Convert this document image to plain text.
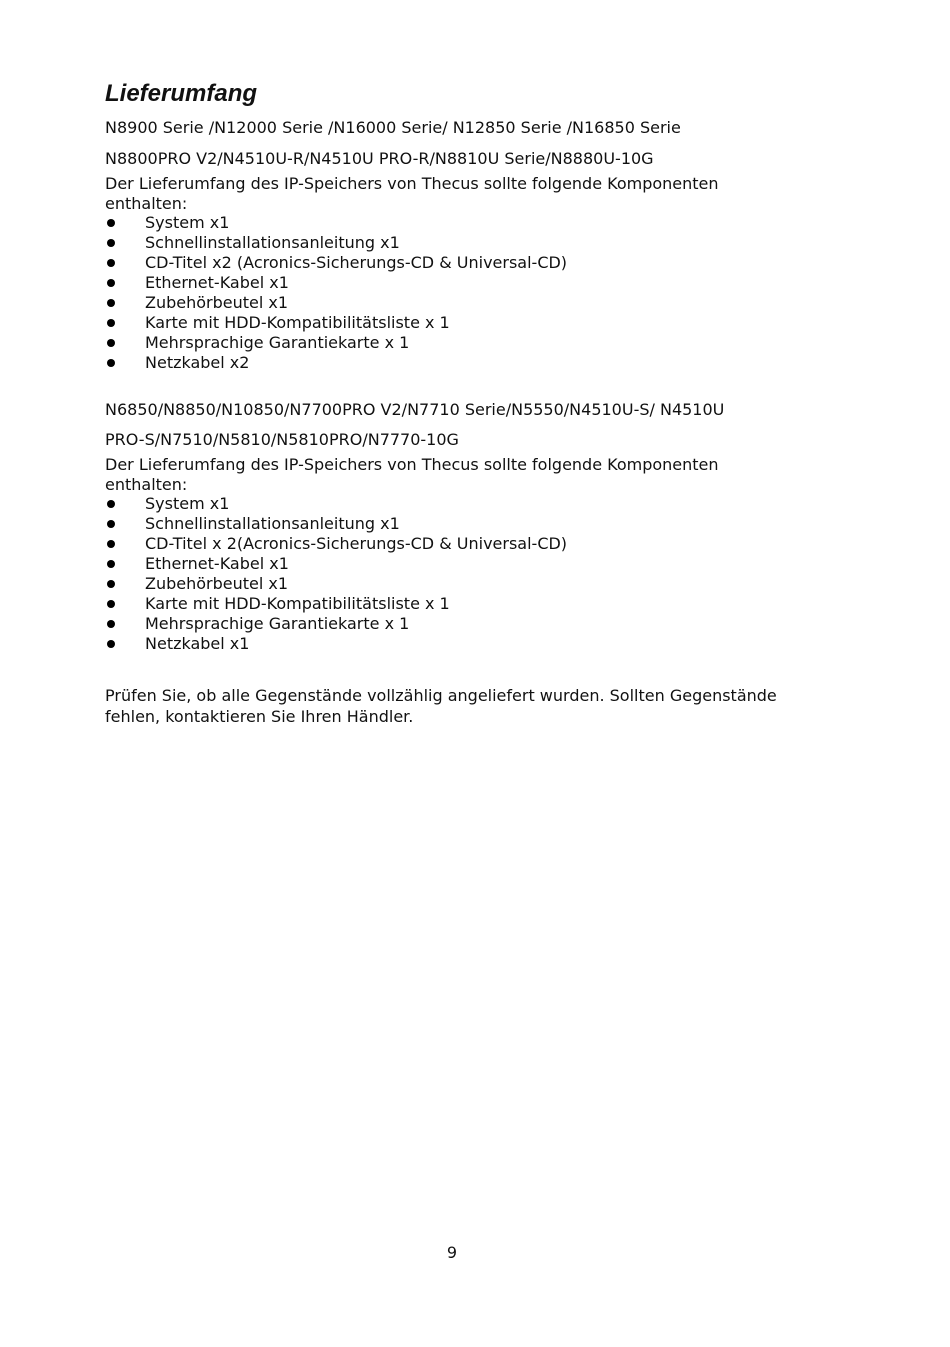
Lieferumfang

N8900 Serie /N12000 Serie /N16000 Serie/ N12850 Serie /N16850 Serie

N8800PRO V2/N4510U-R/N4510U PRO-R/N8810U Serie/N8880U-10G

Der Lieferumfang des IP-Speichers von Thecus sollte folgende Komponenten enthalten:

System x1
Schnellinstallationsanleitung x1
CD-Titel x2 (Acronics-Sicherungs-CD & Universal-CD)
Ethernet-Kabel x1
Zubehörbeutel x1
Karte mit HDD-Kompatibilitätsliste x 1
Mehrsprachige Garantiekarte x 1
Netzkabel x2

N6850/N8850/N10850/N7700PRO V2/N7710 Serie/N5550/N4510U-S/ N4510U

PRO-S/N7510/N5810/N5810PRO/N7770-10G

Der Lieferumfang des IP-Speichers von Thecus sollte folgende Komponenten enthalten:

System x1
Schnellinstallationsanleitung x1
CD-Titel x 2(Acronics-Sicherungs-CD & Universal-CD)
Ethernet-Kabel x1
Zubehörbeutel x1
Karte mit HDD-Kompatibilitätsliste x 1
Mehrsprachige Garantiekarte x 1
Netzkabel x1

Prüfen Sie, ob alle Gegenstände vollzählig angeliefert wurden. Sollten Gegenstände fehlen, kontaktieren Sie Ihren Händler.

9
